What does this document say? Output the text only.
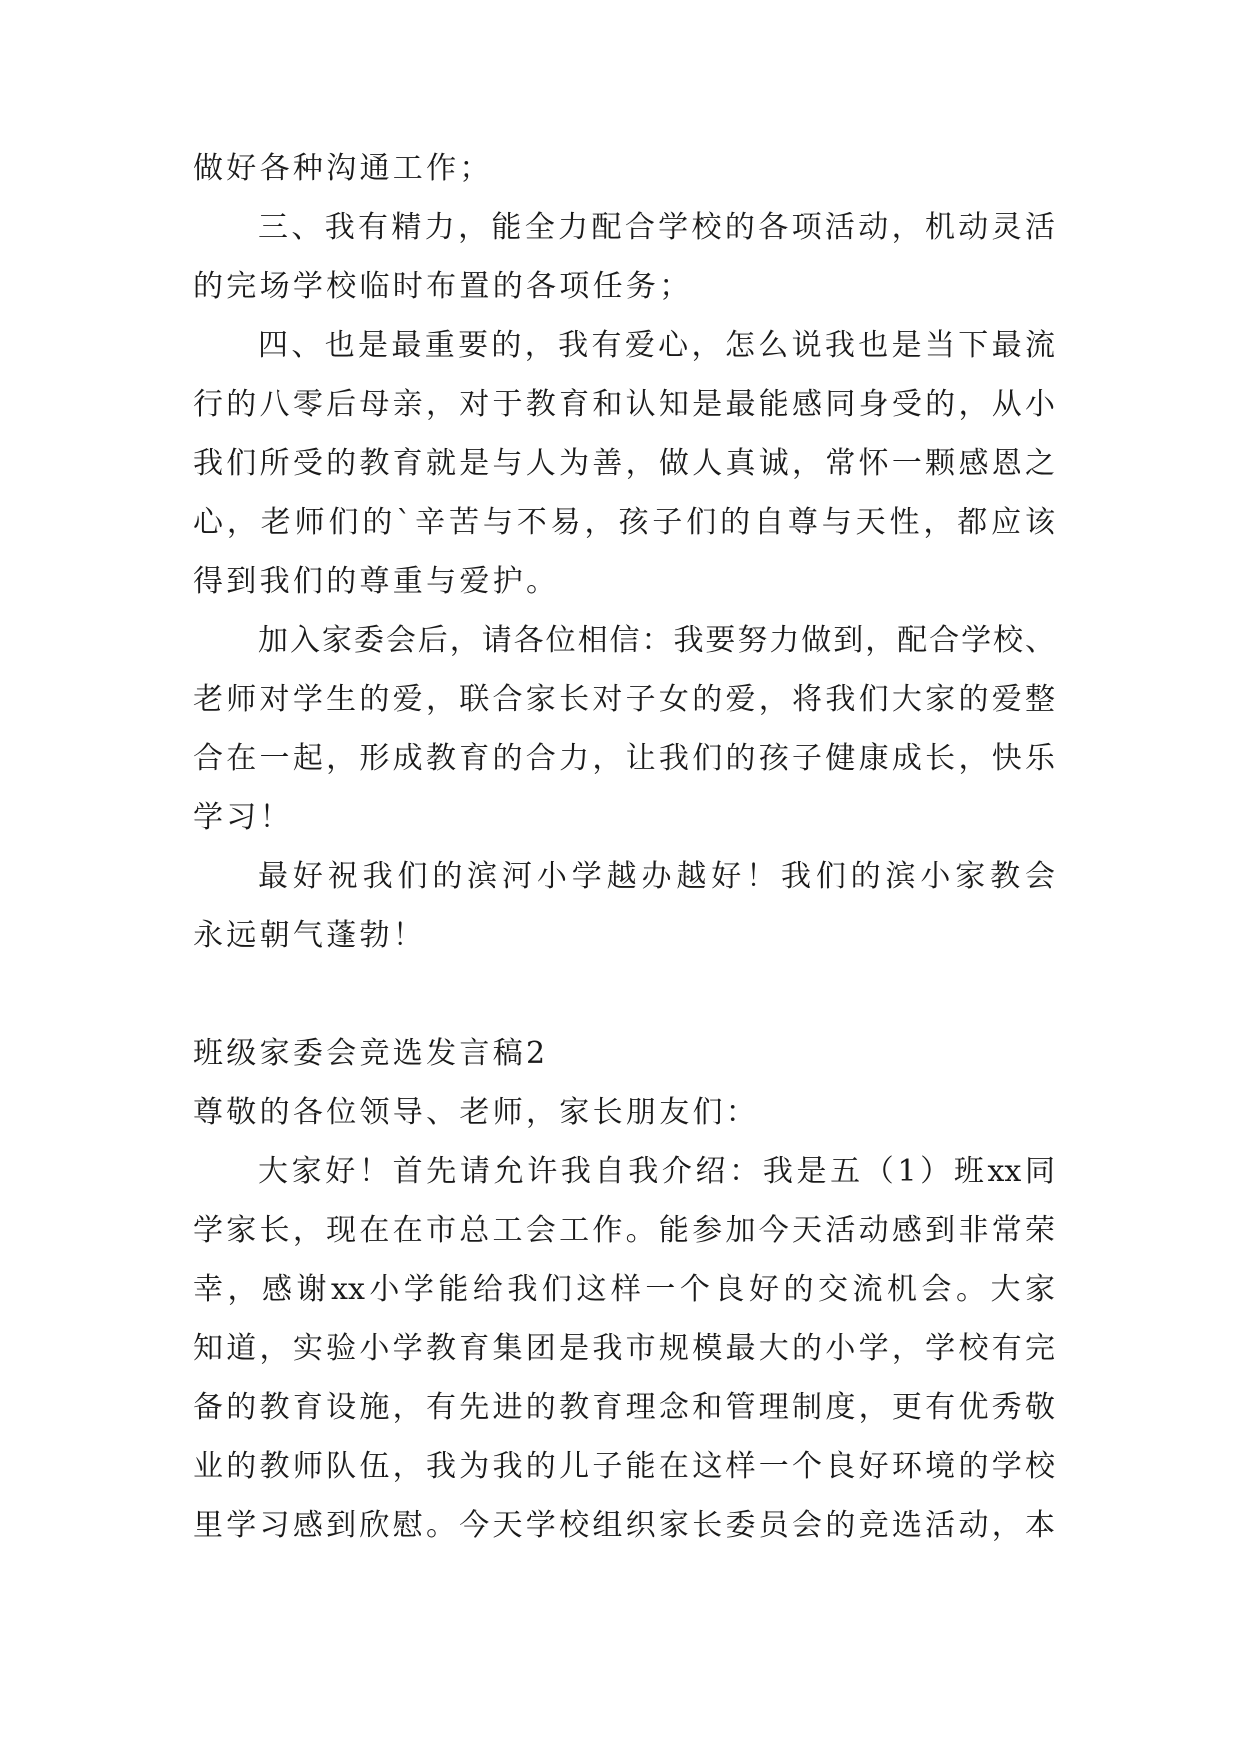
做好各种沟通工作；
三、我有精力，能全力配合学校的各项活动，机动灵活
的完场学校临时布置的各项任务；
四、也是最重要的，我有爱心，怎么说我也是当下最流
行的八零后母亲，对于教育和认知是最能感同身受的，从小
我们所受的教育就是与人为善，做人真诚，常怀一颗感恩之
心，老师们的`辛苦与不易，孩子们的自尊与天性，都应该
得到我们的尊重与爱护。
加入家委会后，请各位相信：我要努力做到，配合学校、
老师对学生的爱，联合家长对子女的爱，将我们大家的爱整
合在一起，形成教育的合力，让我们的孩子健康成长，快乐
学习！
最好祝我们的滨河小学越办越好！我们的滨小家教会
永远朝气蓬勃！
班级家委会竞选发言稿2
尊敬的各位领导、老师，家长朋友们：
大家好！首先请允许我自我介绍：我是五（1）班xx同
学家长，现在在市总工会工作。能参加今天活动感到非常荣
幸，感谢xx小学能给我们这样一个良好的交流机会。大家
知道，实验小学教育集团是我市规模最大的小学，学校有完
备的教育设施，有先进的教育理念和管理制度，更有优秀敬
业的教师队伍，我为我的儿子能在这样一个良好环境的学校
里学习感到欣慰。今天学校组织家长委员会的竞选活动，本
